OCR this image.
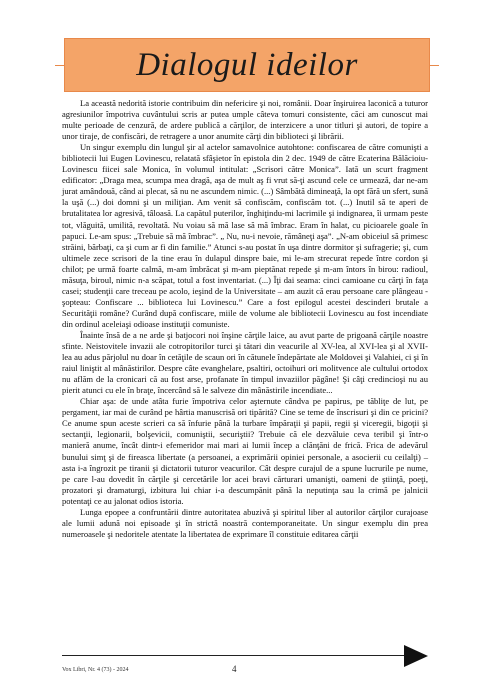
Dialogul ideilor

La această nedorită istorie contribuim din nefericire şi noi, românii. Doar înşiruirea laconică a tuturor agresiunilor împotriva cuvântului scris ar putea umple câteva tomuri consistente, căci am cunoscut mai multe perioade de cenzură, de ardere publică a cărţilor, de interzicere a unor titluri şi autori, de topire a unor tiraje, de confiscări, de retragere a unor anumite cărţi din biblioteci şi librării.

Un singur exemplu din lungul şir al actelor samavolnice autohtone: confiscarea de către comunişti a bibliotecii lui Eugen Lovinescu, relatată sfâşietor în epistola din 2 dec. 1949 de către Ecaterina Bălăcioiu-Lovinescu fiicei sale Monica, în volumul intitulat: „Scrisori către Monica”. Iată un scurt fragment edificator: „Draga mea, scumpa mea dragă, aşa de mult aş fi vrut să-ţi ascund cele ce urmează, dar ne-am jurat amândouă, când ai plecat, să nu ne ascundem nimic. (...) Sâmbătă dimineaţă, la opt fără un sfert, sună la uşă (...) doi domni şi un miliţian. Am venit să confiscăm, confiscăm tot. (...) Inutil să te aperi de brutalitatea lor agresivă, tâloasă. La capătul puterilor, înghiţindu-mi lacrimile şi indignarea, îi urmam peste tot, vlăguită, umilită, revoltată. Nu voiau să mă lase să mă îmbrac. Eram în halat, cu picioarele goale în papuci. Le-am spus: „Trebuie să mă îmbrac”. „ Nu, nu-i nevoie, rămâneţi aşa”. „N-am obiceiul să primesc străini, bărbaţi, ca şi cum ar fi din familie.” Atunci s-au postat în uşa dintre dormitor şi sufragerie; şi, cum ultimele zece scrisori de la tine erau în dulapul dinspre baie, mi le-am strecurat repede între cordon şi chilot; pe urmă foarte calmă, m-am îmbrăcat şi m-am pieptănat repede şi m-am întors în birou: radioul, măsuţa, biroul, nimic n-a scăpat, totul a fost inventariat. (...) Îţi dai seama: cinci camioane cu cărţi în faţa casei; studenţii care treceau pe acolo, ieşind de la Universitate – am auzit că erau persoane care plângeau - şopteau: Confiscare ... biblioteca lui Lovinescu.” Care a fost epilogul acestei descinderi brutale a Securităţii române? Curând după confiscare, miile de volume ale bibliotecii Lovinescu au fost incendiate din ordinul aceleiaşi odioase instituţii comuniste.

Înainte însă de a ne arde şi batjocori noi înşine cărţile laice, au avut parte de prigoană cărţile noastre sfinte. Neistovitele invazii ale cotropitorilor turci şi tătari din veacurile al XV-lea, al XVI-lea şi al XVII-lea au adus părjolul nu doar în cetăţile de scaun ori în cătunele îndepărtate ale Moldovei şi Valahiei, ci şi în raiul liniştit al mânăstirilor. Despre câte evanghelare, psaltiri, octoihuri ori molitvence ale cultului ortodox nu aflăm de la cronicari că au fost arse, profanate în timpul invaziilor păgâne! Şi câţi credincioşi nu au pierit atunci cu ele în braţe, încercând să le salveze din mânăstirile incendiate...

Chiar aşa: de unde atâta furie împotriva celor aşternute cândva pe papirus, pe tăbliţe de lut, pe pergament, iar mai de curând pe hârtia manuscrisă ori tipărită? Cine se teme de înscrisuri şi din ce pricini? Ce anume spun aceste scrieri ca să înfurie până la turbare împăraţii şi papii, regii şi viceregii, bigoţii şi sectanţii, legionarii, bolşevicii, comuniştii, securiştii? Trebuie că ele dezvăluie ceva teribil şi într-o manieră anume, încât dintr-i efemeridor mai mari ai lumii încep a clănţăni de frică. Frica de adevărul bunului simţ şi de fireasca libertate (a persoanei, a exprimării opiniei personale, a asocierii cu ceilalţi) – asta i-a îngrozit pe tiranii şi dictatorii tuturor veacurilor. Cât despre curajul de a spune lucrurile pe nume, pe care l-au dovedit în cărţile şi cercetările lor acei bravi cărturari umanişti, oameni de ştiinţă, poeţi, prozatori şi dramaturgi, izbitura lui chiar i-a descumpănit până la neputinţa sau la crimă pe jalnicii potentaţi ce au jalonat odios istoria.

Lunga epopee a confruntării dintre autoritatea abuzivă şi spiritul liber al autorilor cărţilor curajoase ale lumii adună noi episoade şi în strictă noastră contemporaneitate. Un singur exemplu din prea numeroasele şi nedoritele atentate la libertatea de exprimare îl constituie editarea cărţii

Vox Libri, Nr. 4 (73) - 2024	4
